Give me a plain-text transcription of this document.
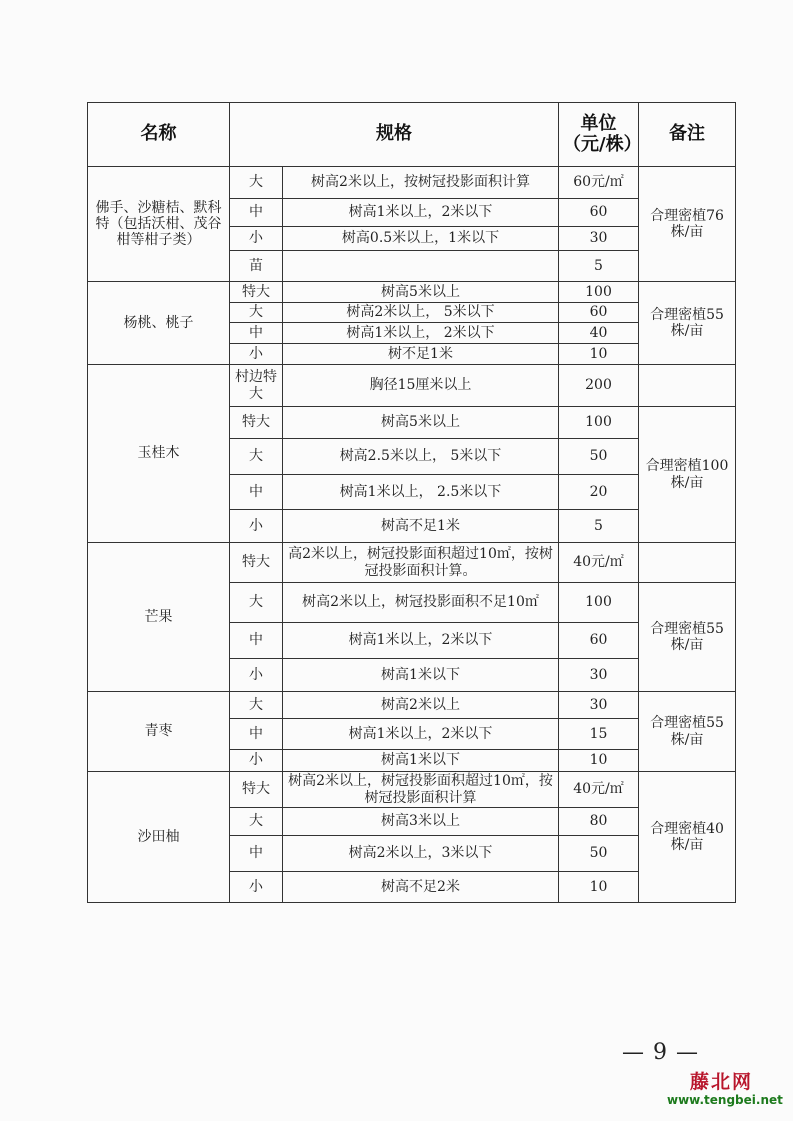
名称	规格		单位（元/株）	备注
佛手、沙糖桔、默科特（包括沃柑、茂谷柑等柑子类）	大	树高2米以上，按树冠投影面积计算	60元/㎡	合理密植76株/亩
	中	树高1米以上，2米以下	60	
	小	树高0.5米以上，1米以下	30	
	苗		5	
杨桃、桃子	特大	树高5米以上	100	合理密植55株/亩
	大	树高2米以上， 5米以下	60	
	中	树高1米以上， 2米以下	40	
	小	树不足1米	10	
玉桂木	村边特大	胸径15厘米以上	200	
	特大	树高5米以上	100	合理密植100株/亩
	大	树高2.5米以上， 5米以下	50	
	中	树高1米以上， 2.5米以下	20	
	小	树高不足1米	5	
芒果	特大	高2米以上，树冠投影面积超过10㎡，按树冠投影面积计算。	40元/㎡	
	大	树高2米以上，树冠投影面积不足10㎡	100	合理密植55株/亩
	中	树高1米以上，2米以下	60	
	小	树高1米以下	30	
青枣	大	树高2米以上	30	合理密植55株/亩
	中	树高1米以上，2米以下	15	
	小	树高1米以下	10	
沙田柚	特大	树高2米以上，树冠投影面积超过10㎡，按树冠投影面积计算	40元/㎡	合理密植40株/亩
	大	树高3米以上	80	
	中	树高2米以上，3米以下	50	
	小	树高不足2米	10	
— 9 —
藤北网
www.tengbei.net
